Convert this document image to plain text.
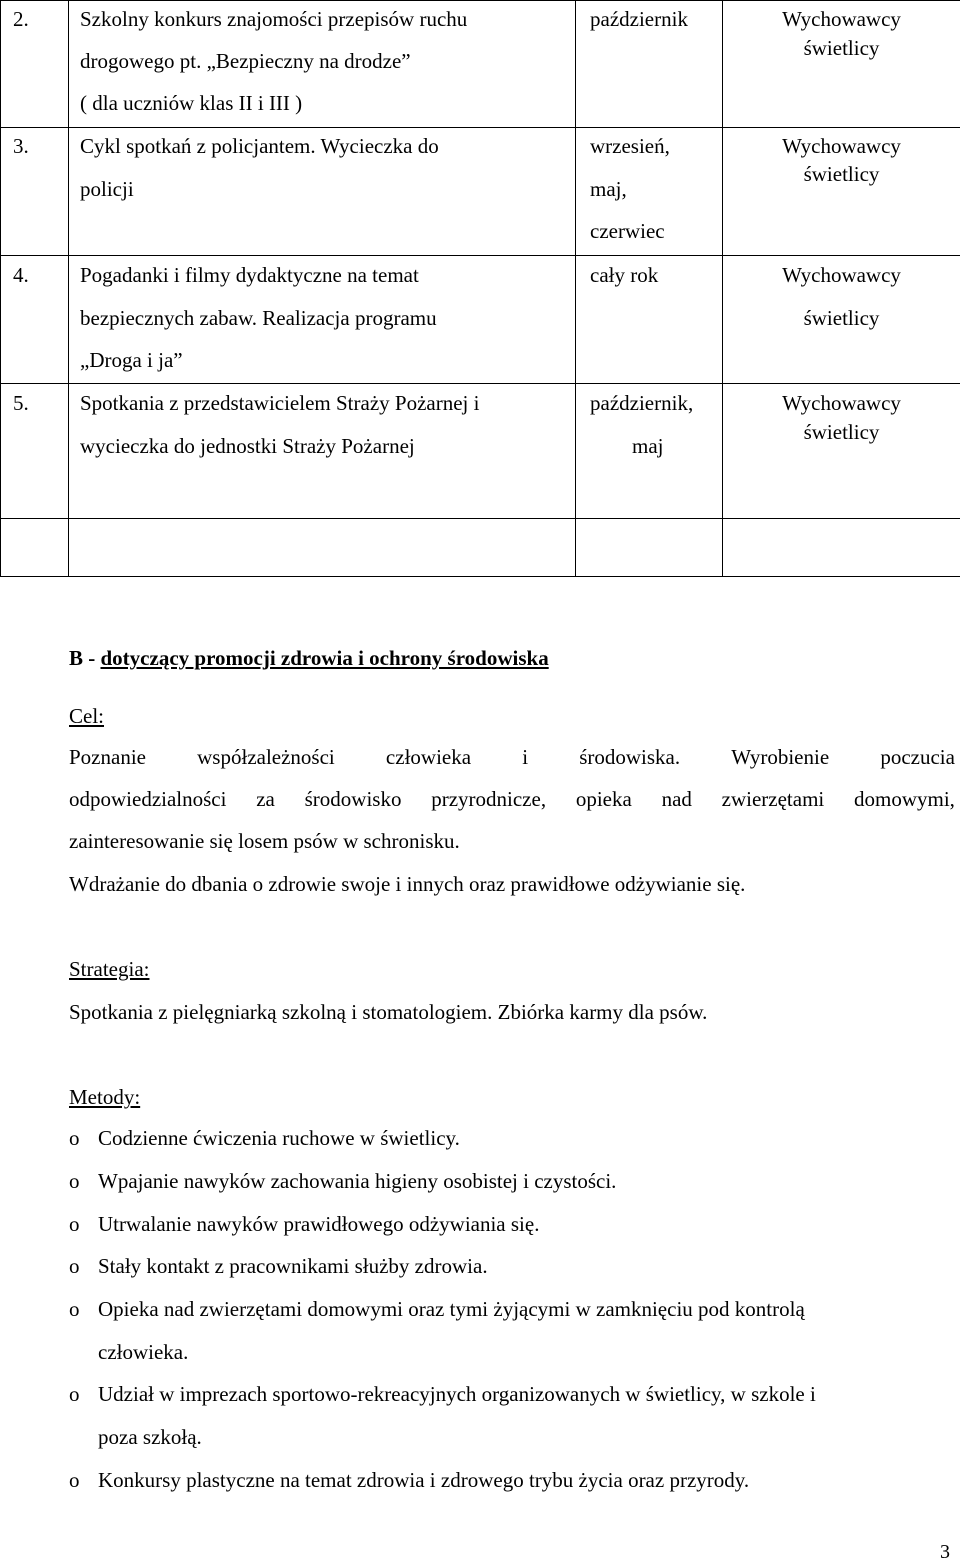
2.	Szkolny konkurs znajomości przepisów ruchu
drogowego pt. „Bezpieczny na drodze”
( dla uczniów klas II i III )	październik	Wychowawcy
świetlicy

3.	Cykl spotkań z policjantem. Wycieczka do
policji	wrzesień,
maj,
czerwiec	Wychowawcy
świetlicy

4.	Pogadanki i filmy dydaktyczne na temat
bezpiecznych zabaw. Realizacja programu
„Droga i ja”	cały rok	Wychowawcy
świetlicy

5.	Spotkania z przedstawicielem Straży Pożarnej i
wycieczka do jednostki Straży Pożarnej	październik,
maj	Wychowawcy
świetlicy

B - dotyczący promocji zdrowia i ochrony środowiska
Cel:
Poznanie współzależności człowieka i środowiska. Wyrobienie poczucia
odpowiedzialności za środowisko przyrodnicze, opieka nad zwierzętami domowymi,
zainteresowanie się losem psów w schronisku.
Wdrażanie do dbania o zdrowie swoje i innych oraz prawidłowe odżywianie się.
Strategia:
Spotkania z pielęgniarką szkolną i stomatologiem. Zbiórka karmy dla psów.
Metody:
o Codzienne ćwiczenia ruchowe w świetlicy.
o Wpajanie nawyków zachowania higieny osobistej i czystości.
o Utrwalanie nawyków prawidłowego odżywiania się.
o Stały kontakt z pracownikami służby zdrowia.
o Opieka nad zwierzętami domowymi oraz tymi żyjącymi w zamknięciu pod kontrolą
człowieka.
o Udział w imprezach sportowo-rekreacyjnych organizowanych w świetlicy, w szkole i
poza szkołą.
o Konkursy plastyczne na temat zdrowia i zdrowego trybu życia oraz przyrody.
3
